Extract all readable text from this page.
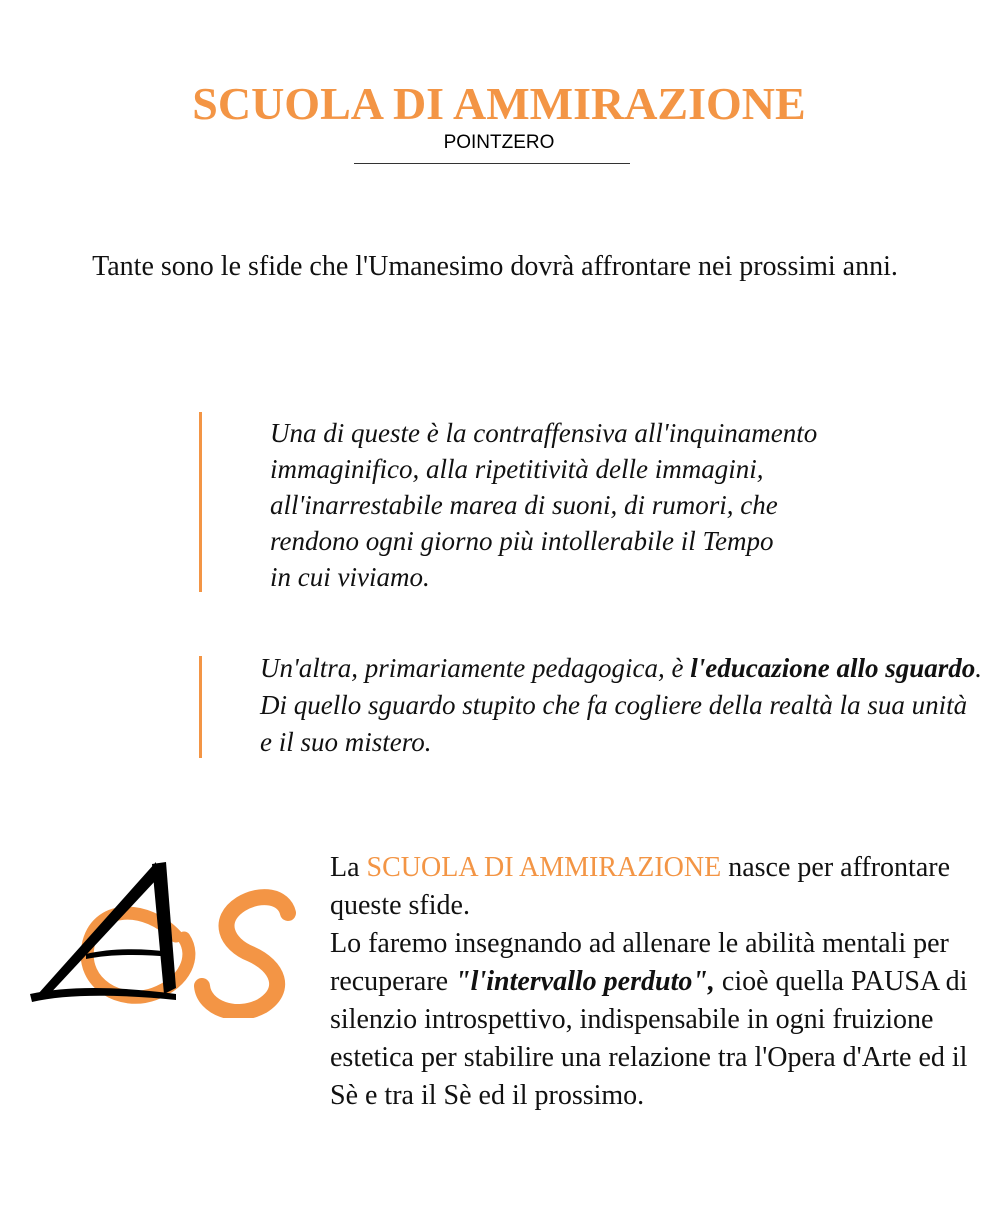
SCUOLA DI AMMIRAZIONE
POINTZERO

Tante sono le sfide che l'Umanesimo dovrà affrontare nei prossimi anni.

Una di queste è la contraffensiva all'inquinamento
immaginifico, alla ripetitività delle immagini,
all'inarrestabile marea di suoni, di rumori, che
rendono ogni giorno più intollerabile il Tempo
in cui viviamo.

Un'altra, primariamente pedagogica, è l'educazione allo sguardo. Di quello sguardo stupito che fa cogliere della realtà la sua unità e il suo mistero.

La SCUOLA DI AMMIRAZIONE nasce per affrontare queste sfide.
Lo faremo insegnando ad allenare le abilità mentali per recuperare "l'intervallo perduto", cioè quella PAUSA di silenzio introspettivo, indispensabile in ogni fruizione estetica per stabilire una relazione tra l'Opera d'Arte ed il Sè e tra il Sè ed il prossimo.
